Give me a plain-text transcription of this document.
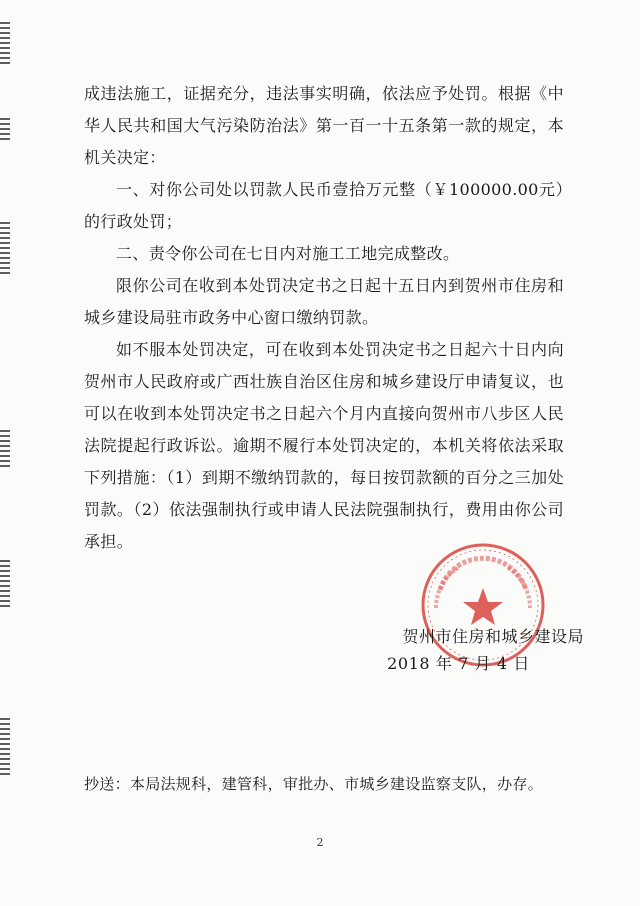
成违法施工，证据充分，违法事实明确，依法应予处罚。根据《中华人民共和国大气污染防治法》第一百一十五条第一款的规定，本机关决定：

一、对你公司处以罚款人民币壹拾万元整（￥100000.00元）的行政处罚；

二、责令你公司在七日内对施工工地完成整改。

限你公司在收到本处罚决定书之日起十五日内到贺州市住房和城乡建设局驻市政务中心窗口缴纳罚款。

如不服本处罚决定，可在收到本处罚决定书之日起六十日内向贺州市人民政府或广西壮族自治区住房和城乡建设厅申请复议，也可以在收到本处罚决定书之日起六个月内直接向贺州市八步区人民法院提起行政诉讼。逾期不履行本处罚决定的，本机关将依法采取下列措施：（1）到期不缴纳罚款的，每日按罚款额的百分之三加处罚款。（2）依法强制执行或申请人民法院强制执行，费用由你公司承担。

贺州市住房和城乡建设局
2018 年 7 月 4 日
抄送：本局法规科，建管科，审批办、市城乡建设监察支队，办存。
2
